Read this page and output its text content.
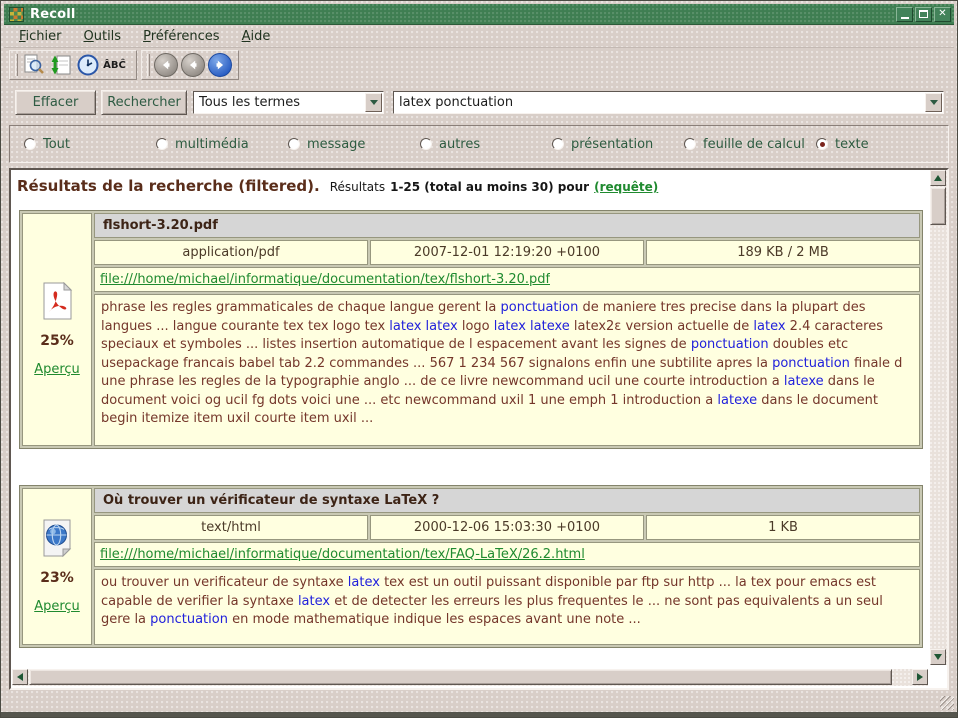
Recoll	✕
Fichier	Outils	Préférences	Aide
ÂBĈ
Effacer	Rechercher	Tous les termes	latex ponctuation
Tout	multimédia	message	autres	présentation	feuille de calcul texte
Résultats de la recherche (filtered). Résultats 1-25 (total au moins 30) pour (requête)
25%
Aperçu
flshort-3.20.pdf
application/pdf	2007-12-01 12:19:20 +0100	189 KB / 2 MB
file:///home/michael/informatique/documentation/tex/flshort-3.20.pdf
phrase les regles grammaticales de chaque langue gerent la ponctuation de maniere tres precise dans la plupart des langues ... langue courante tex tex logo tex latex latex logo latex latexe latex2ε version actuelle de latex 2.4 caracteres speciaux et symboles ... listes insertion automatique de l espacement avant les signes de ponctuation doubles etc usepackage francais babel tab 2.2 commandes ... 567 1 234 567 signalons enfin une subtilite apres la ponctuation finale d une phrase les regles de la typographie anglo ... de ce livre newcommand ucil une courte introduction a latexe dans le document voici og ucil fg dots voici une ... etc newcommand uxil 1 une emph 1 introduction a latexe dans le document begin itemize item uxil courte item uxil ...
23%
Aperçu
Où trouver un vérificateur de syntaxe LaTeX ?
text/html	2000-12-06 15:03:30 +0100	1 KB
file:///home/michael/informatique/documentation/tex/FAQ-LaTeX/26.2.html
ou trouver un verificateur de syntaxe latex tex est un outil puissant disponible par ftp sur http ... la tex pour emacs est capable de verifier la syntaxe latex et de detecter les erreurs les plus frequentes le ... ne sont pas equivalents a un seul gere la ponctuation en mode mathematique indique les espaces avant une note ...
